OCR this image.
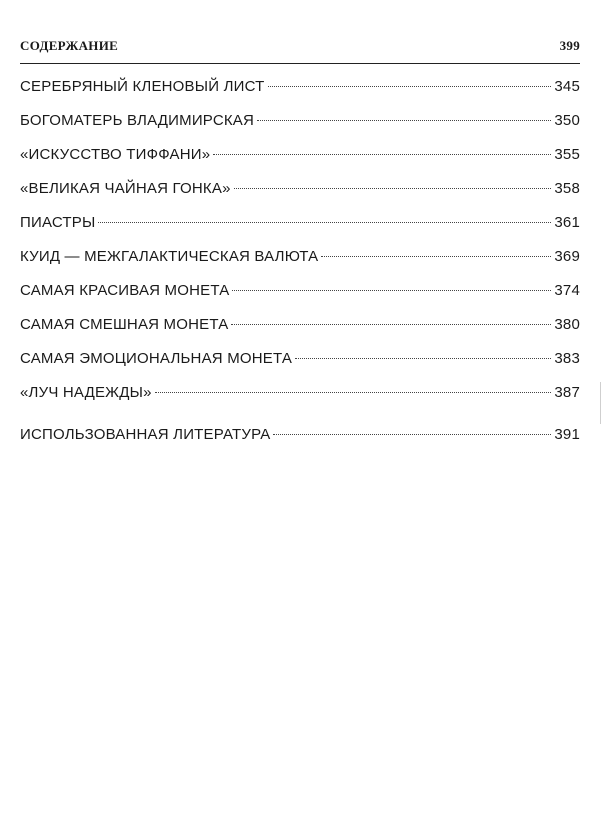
СОДЕРЖАНИЕ	399
СЕРЕБРЯНЫЙ КЛЕНОВЫЙ ЛИСТ	345
БОГОМАТЕРЬ ВЛАДИМИРСКАЯ	350
«ИСКУССТВО ТИФФАНИ»	355
«ВЕЛИКАЯ ЧАЙНАЯ ГОНКА»	358
ПИАСТРЫ	361
КУИД — МЕЖГАЛАКТИЧЕСКАЯ ВАЛЮТА	369
САМАЯ КРАСИВАЯ МОНЕТА	374
САМАЯ СМЕШНАЯ МОНЕТА	380
САМАЯ ЭМОЦИОНАЛЬНАЯ МОНЕТА	383
«ЛУЧ НАДЕЖДЫ»	387
ИСПОЛЬЗОВАННАЯ ЛИТЕРАТУРА	391
